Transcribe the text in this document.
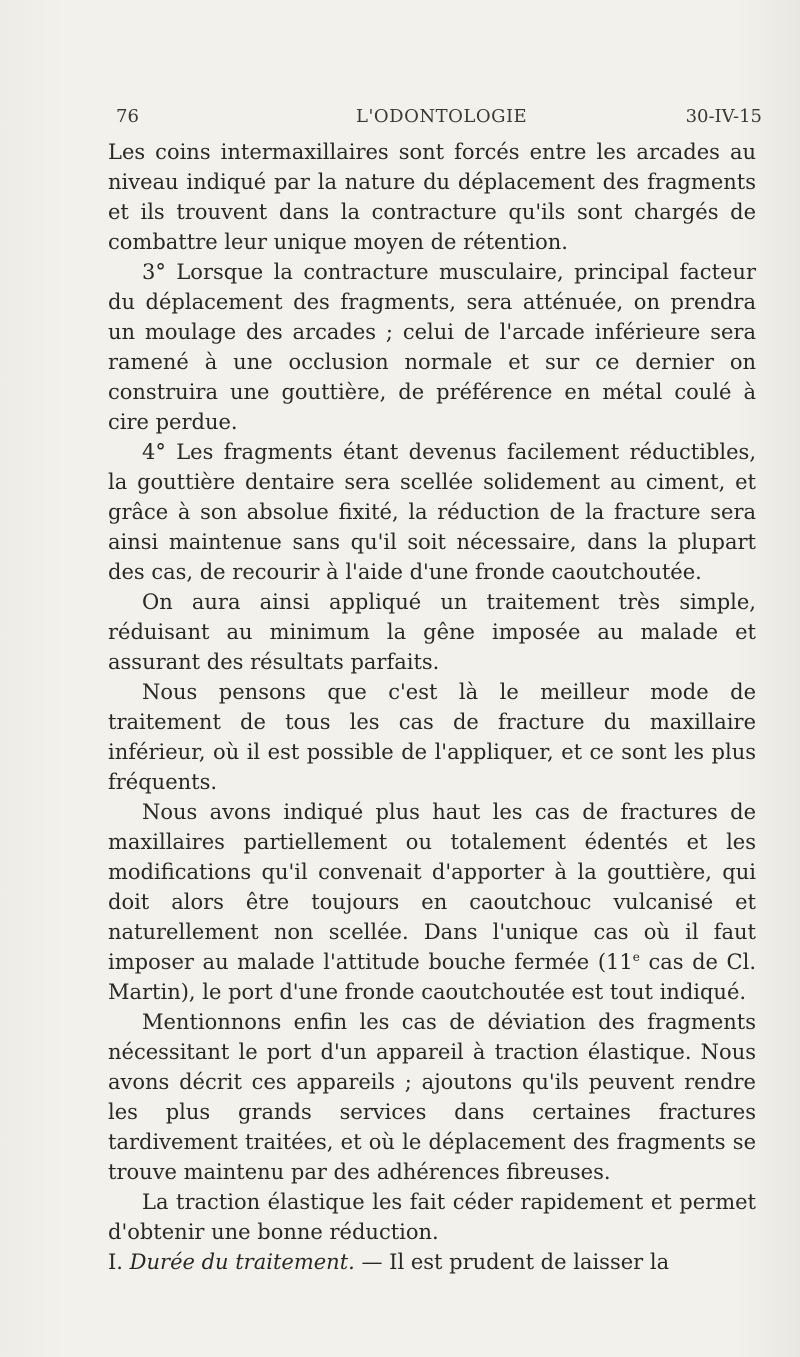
76	L'ODONTOLOGIE	30-IV-15

Les coins intermaxillaires sont forcés entre les arcades au niveau indiqué par la nature du déplacement des fragments et ils trouvent dans la contracture qu'ils sont chargés de combattre leur unique moyen de rétention.

3° Lorsque la contracture musculaire, principal facteur du déplacement des fragments, sera atténuée, on prendra un moulage des arcades ; celui de l'arcade inférieure sera ramené à une occlusion normale et sur ce dernier on construira une gouttière, de préférence en métal coulé à cire perdue.

4° Les fragments étant devenus facilement réductibles, la gouttière dentaire sera scellée solidement au ciment, et grâce à son absolue fixité, la réduction de la fracture sera ainsi maintenue sans qu'il soit nécessaire, dans la plupart des cas, de recourir à l'aide d'une fronde caoutchoutée.

On aura ainsi appliqué un traitement très simple, réduisant au minimum la gêne imposée au malade et assurant des résultats parfaits.

Nous pensons que c'est là le meilleur mode de traitement de tous les cas de fracture du maxillaire inférieur, où il est possible de l'appliquer, et ce sont les plus fréquents.

Nous avons indiqué plus haut les cas de fractures de maxillaires partiellement ou totalement édentés et les modifications qu'il convenait d'apporter à la gouttière, qui doit alors être toujours en caoutchouc vulcanisé et naturellement non scellée. Dans l'unique cas où il faut imposer au malade l'attitude bouche fermée (11e cas de Cl. Martin), le port d'une fronde caoutchoutée est tout indiqué.

Mentionnons enfin les cas de déviation des fragments nécessitant le port d'un appareil à traction élastique. Nous avons décrit ces appareils ; ajoutons qu'ils peuvent rendre les plus grands services dans certaines fractures tardivement traitées, et où le déplacement des fragments se trouve maintenu par des adhérences fibreuses.

La traction élastique les fait céder rapidement et permet d'obtenir une bonne réduction.

I. Durée du traitement. — Il est prudent de laisser la
